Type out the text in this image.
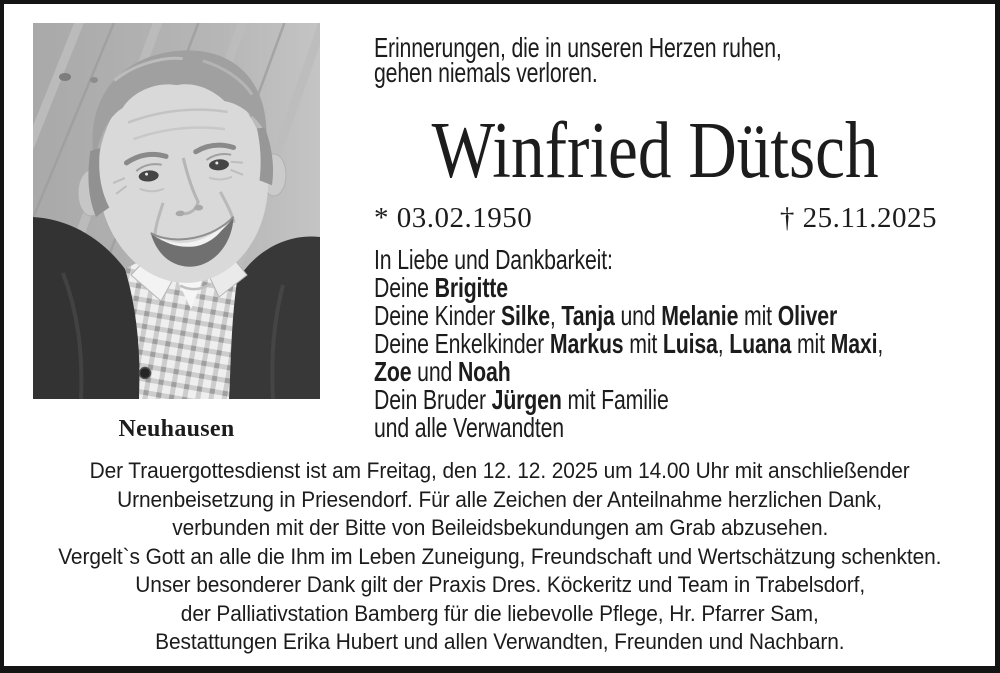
Neuhausen
Erinnerungen, die in unseren Herzen ruhen,
gehen niemals verloren.
Winfried Dütsch
* 03.02.1950	† 25.11.2025
In Liebe und Dankbarkeit:
Deine Brigitte
Deine Kinder Silke, Tanja und Melanie mit Oliver
Deine Enkelkinder Markus mit Luisa, Luana mit Maxi,
Zoe und Noah
Dein Bruder Jürgen mit Familie
und alle Verwandten
Der Trauergottesdienst ist am Freitag, den 12. 12. 2025 um 14.00 Uhr mit anschließender
Urnenbeisetzung in Priesendorf. Für alle Zeichen der Anteilnahme herzlichen Dank,
verbunden mit der Bitte von Beileidsbekundungen am Grab abzusehen.
Vergelt`s Gott an alle die Ihm im Leben Zuneigung, Freundschaft und Wertschätzung schenkten.
Unser besonderer Dank gilt der Praxis Dres. Köckeritz und Team in Trabelsdorf,
der Palliativstation Bamberg für die liebevolle Pflege, Hr. Pfarrer Sam,
Bestattungen Erika Hubert und allen Verwandten, Freunden und Nachbarn.
